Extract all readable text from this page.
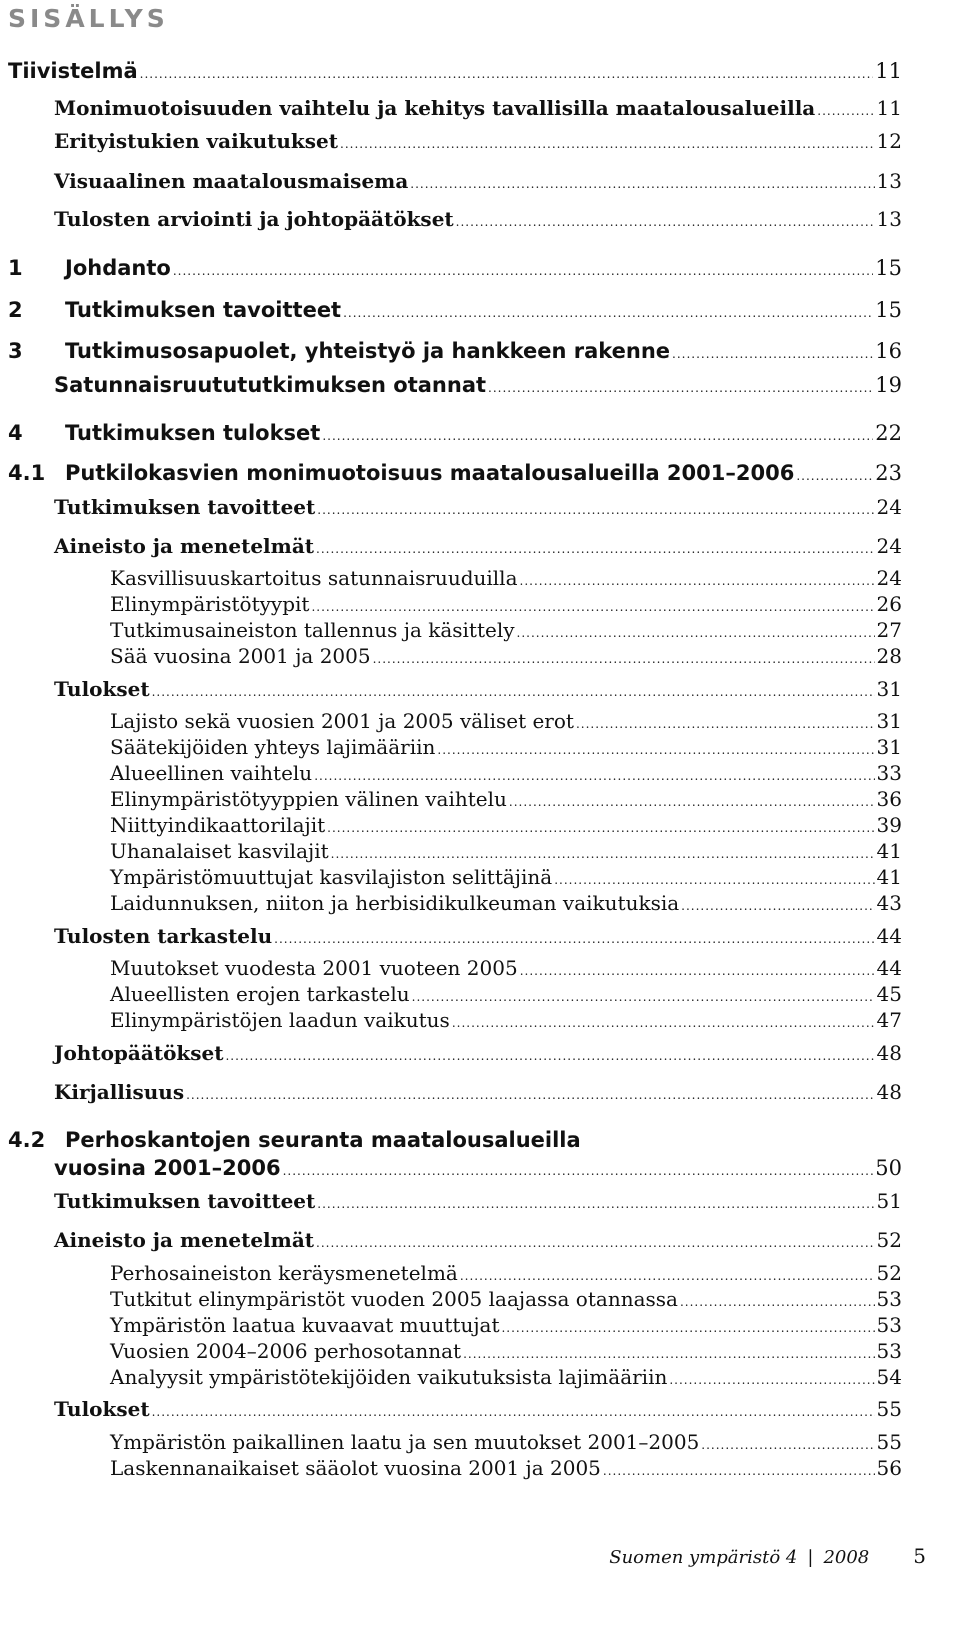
SISÄLLYS
Tiivistelmä .....	11
Monimuotoisuuden vaihtelu ja kehitys tavallisilla maatalousalueilla .....	11
Erityistukien vaikutukset .....	12
Visuaalinen maatalousmaisema .....	13
Tulosten arviointi ja johtopäätökset .....	13
1	Johdanto .....	15
2	Tutkimuksen tavoitteet .....	15
3	Tutkimusosapuolet, yhteistyö ja hankkeen rakenne .....	16
Satunnaisruutututkimuksen otannat .....	19
4	Tutkimuksen tulokset .....	22
4.1 Putkilokasvien monimuotoisuus maatalousalueilla 2001–2006 .....	23
Tutkimuksen tavoitteet .....	24
Aineisto ja menetelmät .....	24
Kasvillisuuskartoitus satunnaisruuduilla .....	24
Elinympäristötyypit .....	26
Tutkimusaineiston tallennus ja käsittely .....	27
Sää vuosina 2001 ja 2005 .....	28
Tulokset .....	31
Lajisto sekä vuosien 2001 ja 2005 väliset erot .....	31
Säätekijöiden yhteys lajimääriin .....	31
Alueellinen vaihtelu .....	33
Elinympäristötyyppien välinen vaihtelu .....	36
Niittyindikaattorilajit .....	39
Uhanalaiset kasvilajit .....	41
Ympäristömuuttujat kasvilajiston selittäjinä .....	41
Laidunnuksen, niiton ja herbisidikulkeuman vaikutuksia .....	43
Tulosten tarkastelu .....	44
Muutokset vuodesta 2001 vuoteen 2005 .....	44
Alueellisten erojen tarkastelu .....	45
Elinympäristöjen laadun vaikutus .....	47
Johtopäätökset .....	48
Kirjallisuus .....	48
4.2 Perhoskantojen seuranta maatalousalueilla
vuosina 2001–2006 .....	50
Tutkimuksen tavoitteet .....	51
Aineisto ja menetelmät .....	52
Perhosaineiston keräysmenetelmä .....	52
Tutkitut elinympäristöt vuoden 2005 laajassa otannassa .....	53
Ympäristön laatua kuvaavat muuttujat .....	53
Vuosien 2004–2006 perhosotannat .....	53
Analyysit ympäristötekijöiden vaikutuksista lajimääriin .....	54
Tulokset .....	55
Ympäristön paikallinen laatu ja sen muutokset 2001–2005 .....	55
Laskennanaikaiset sääolot vuosina 2001 ja 2005 .....	56
Suomen ympäristö 4 | 2008 5
